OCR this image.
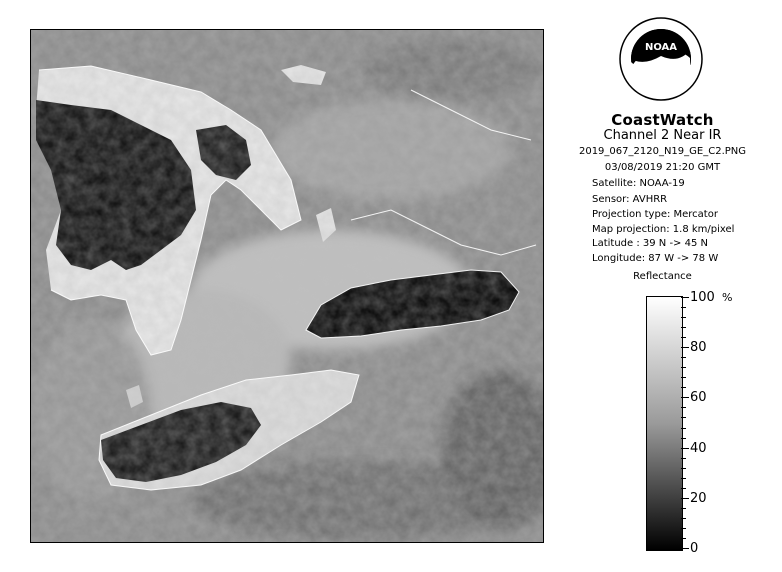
NOAA
CoastWatch
Channel 2 Near IR
2019_067_2120_N19_GE_C2.PNG
03/08/2019 21:20 GMT
Satellite: NOAA-19
Sensor: AVHRR
Projection type: Mercator
Map projection: 1.8 km/pixel
Latitude : 39 N -> 45 N
Longitude: 87 W -> 78 W
Reflectance
%
100
80
60
40
20
0
